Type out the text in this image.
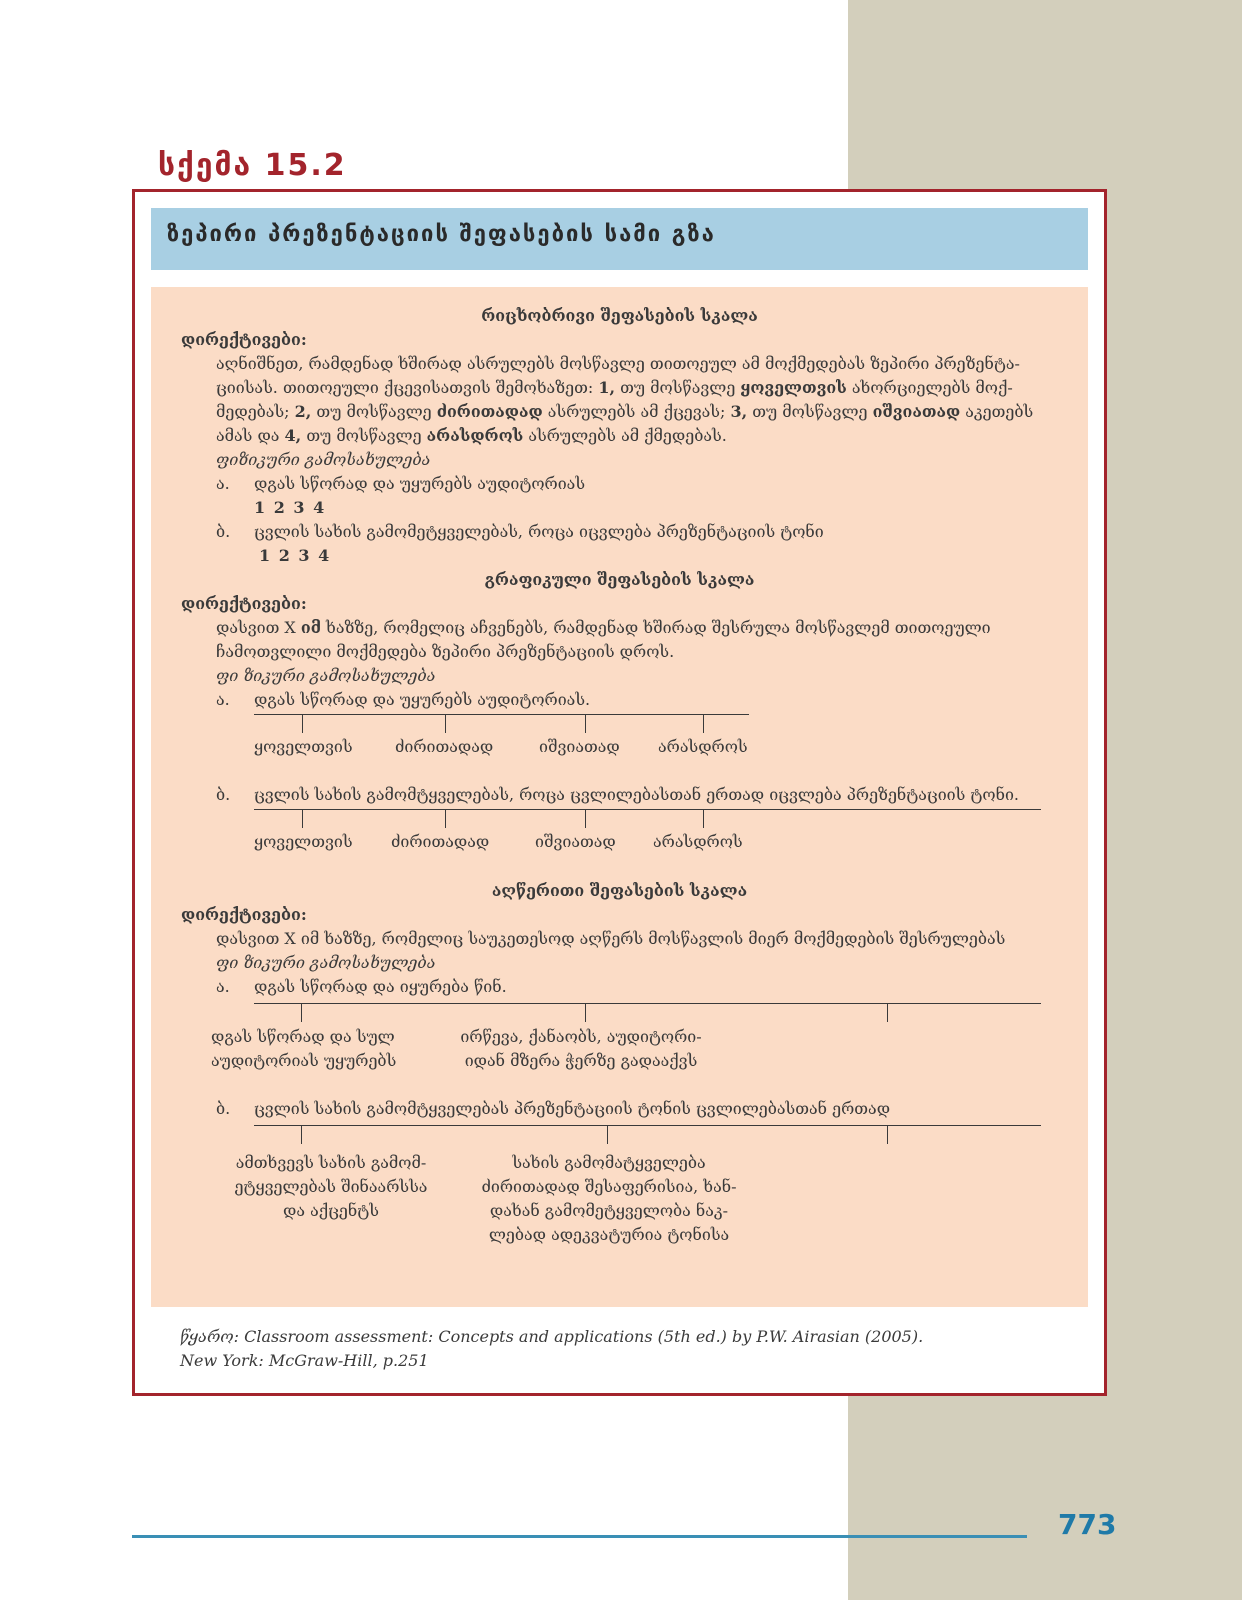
სქემა 15.2
ზეპირი პრეზენტაციის შეფასების სამი გზა
რიცხობრივი შეფასების სკალა
დირექტივები:
აღნიშნეთ, რამდენად ხშირად ასრულებს მოსწავლე თითოეულ ამ მოქმედებას ზეპირი პრეზენტა-
ციისას. თითოეული ქცევისათვის შემოხაზეთ: 1, თუ მოსწავლე ყოველთვის ახორციელებს მოქ-
მედებას; 2, თუ მოსწავლე ძირითადად ასრულებს ამ ქცევას; 3, თუ მოსწავლე იშვიათად აკეთებს
ამას და 4, თუ მოსწავლე არასდროს ასრულებს ამ ქმედებას.
ფიზიკური გამოსახულება
ა. დგას სწორად და უყურებს აუდიტორიას
1 2 3 4
ბ. ცვლის სახის გამომეტყველებას, როცა იცვლება პრეზენტაციის ტონი
1 2 3 4
გრაფიკული შეფასების სკალა
დირექტივები:
დასვით X იმ ხაზზე, რომელიც აჩვენებს, რამდენად ხშირად შესრულა მოსწავლემ თითოეული
ჩამოთვლილი მოქმედება ზეპირი პრეზენტაციის დროს.
ფი ზიკური გამოსახულება
ა. დგას სწორად და უყურებს აუდიტორიას.
ყოველთვის	ძირითადად	იშვიათად არასდროს
ბ. ცვლის სახის გამომტყველებას, როცა ცვლილებასთან ერთად იცვლება პრეზენტაციის ტონი.
ყოველთვის ძირითადად	იშვიათად არასდროს
აღწერითი შეფასების სკალა
დირექტივები:
დასვით X იმ ხაზზე, რომელიც საუკეთესოდ აღწერს მოსწავლის მიერ მოქმედების შესრულებას
ფი ზიკური გამოსახულება
ა. დგას სწორად და იყურება წინ.
დგას სწორად და სულ
აუდიტორიას უყურებს
ირწევა, ქანაობს, აუდიტორი-
იდან მზერა ჭერზე გადააქვს
ბ. ცვლის სახის გამომტყველებას პრეზენტაციის ტონის ცვლილებასთან ერთად
ამთხვევს სახის გამომ-
ეტყველებას შინაარსსა
და აქცენტს
სახის გამომატყველება
ძირითადად შესაფერისია, ხან-
დახან გამომეტყველობა ნაკ-
ლებად ადეკვატურია ტონისა
წყარო: Classroom assessment: Concepts and applications (5th ed.) by P.W. Airasian (2005).
New York: McGraw-Hill, p.251
773
